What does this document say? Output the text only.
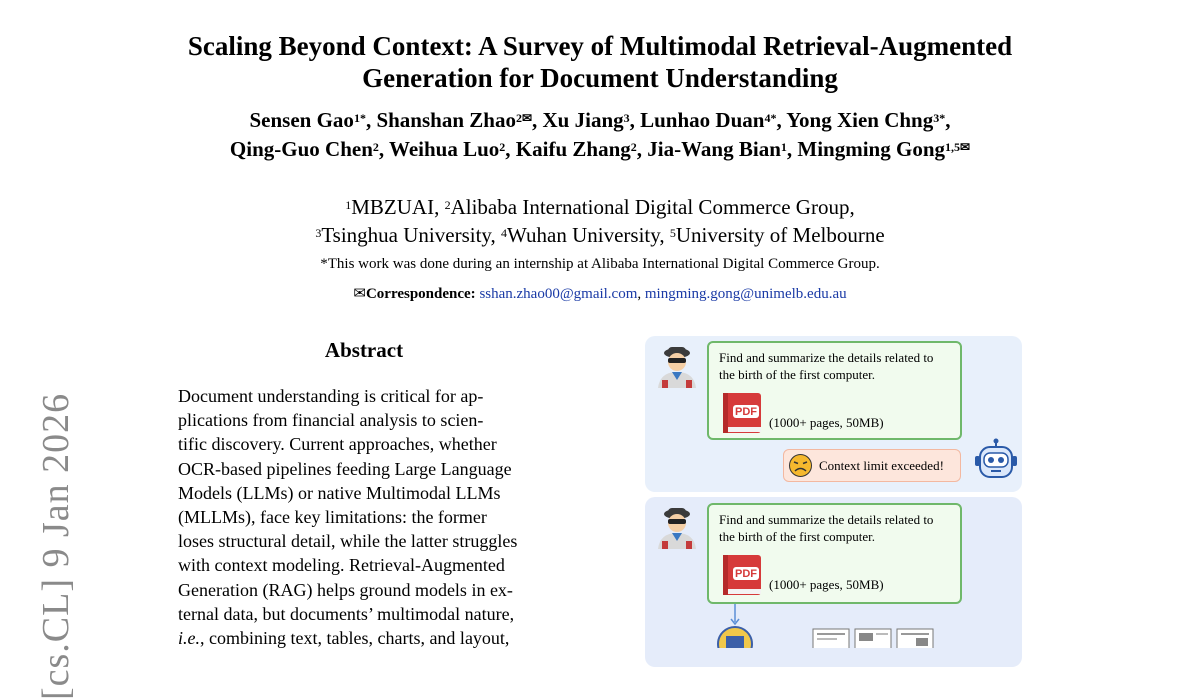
Scaling Beyond Context: A Survey of Multimodal Retrieval-Augmented
Generation for Document Understanding
Sensen Gao$^{1*}$, Shanshan Zhao$^{2✉}$, Xu Jiang$^3$, Lunhao Duan$^{4*}$, Yong Xien Chng$^{3*}$,
Qing-Guo Chen$^2$, Weihua Luo$^2$, Kaifu Zhang$^2$, Jia-Wang Bian$^1$, Mingming Gong$^{1,5✉}$
$^1$MBZUAI, $^2$Alibaba International Digital Commerce Group,
$^3$Tsinghua University, $^4$Wuhan University, $^5$University of Melbourne
*This work was done during an internship at Alibaba International Digital Commerce Group.
✉Correspondence: sshan.zhao00@gmail.com, mingming.gong@unimelb.edu.au
[cs.CL] 9 Jan 2026
Abstract
Document understanding is critical for ap-
plications from financial analysis to scien-
tific discovery. Current approaches, whether
OCR-based pipelines feeding Large Language
Models (LLMs) or native Multimodal LLMs
(MLLMs), face key limitations: the former
loses structural detail, while the latter struggles
with context modeling. Retrieval-Augmented
Generation (RAG) helps ground models in ex-
ternal data, but documents’ multimodal nature,
i.e., combining text, tables, charts, and layout,
Find and summarize the details related to
the birth of the first computer.
PDF
(1000+ pages, 50MB)
Context limit exceeded!
Find and summarize the details related to
the birth of the first computer.
PDF
(1000+ pages, 50MB)
